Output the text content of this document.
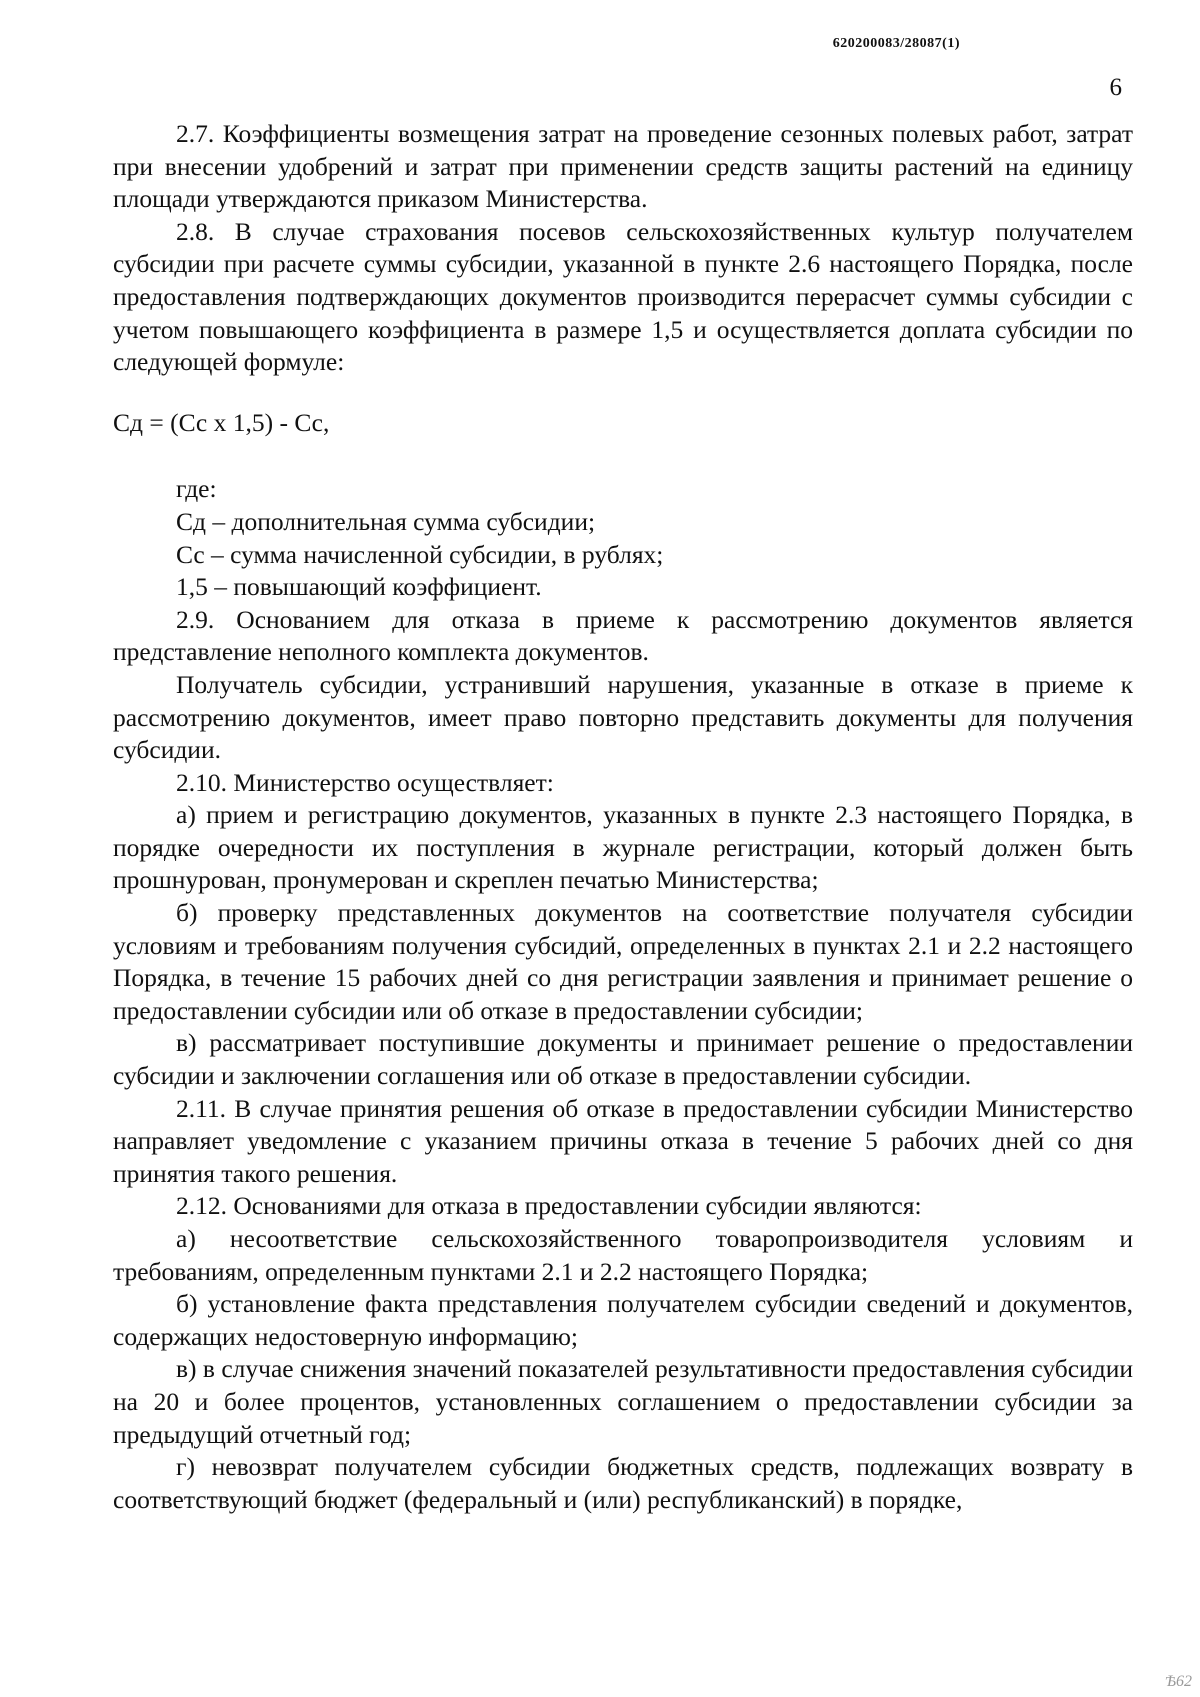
620200083/28087(1)
6

2.7. Коэффициенты возмещения затрат на проведение сезонных полевых работ, затрат при внесении удобрений и затрат при применении средств защиты растений на единицу площади утверждаются приказом Министерства.

2.8. В случае страхования посевов сельскохозяйственных культур получателем субсидии при расчете суммы субсидии, указанной в пункте 2.6 настоящего Порядка, после предоставления подтверждающих документов производится перерасчет суммы субсидии с учетом повышающего коэффициента в размере 1,5 и осуществляется доплата субсидии по следующей формуле:

Сд = (Сс х 1,5) - Сс,

где:

Сд – дополнительная сумма субсидии;

Сс – сумма начисленной субсидии, в рублях;

1,5 – повышающий коэффициент.

2.9. Основанием для отказа в приеме к рассмотрению документов является представление неполного комплекта документов.

Получатель субсидии, устранивший нарушения, указанные в отказе в приеме к рассмотрению документов, имеет право повторно представить документы для получения субсидии.

2.10. Министерство осуществляет:

а) прием и регистрацию документов, указанных в пункте 2.3 настоящего Порядка, в порядке очередности их поступления в журнале регистрации, который должен быть прошнурован, пронумерован и скреплен печатью Министерства;

б) проверку представленных документов на соответствие получателя субсидии условиям и требованиям получения субсидий, определенных в пунктах 2.1 и 2.2 настоящего Порядка, в течение 15 рабочих дней со дня регистрации заявления и принимает решение о предоставлении субсидии или об отказе в предоставлении субсидии;

в) рассматривает поступившие документы и принимает решение о предоставлении субсидии и заключении соглашения или об отказе в предоставлении субсидии.

2.11. В случае принятия решения об отказе в предоставлении субсидии Министерство направляет уведомление с указанием причины отказа в течение 5 рабочих дней со дня принятия такого решения.

2.12. Основаниями для отказа в предоставлении субсидии являются:

а) несоответствие сельскохозяйственного товаропроизводителя условиям и требованиям, определенным пунктами 2.1 и 2.2 настоящего Порядка;

б) установление факта представления получателем субсидии сведений и документов, содержащих недостоверную информацию;

в) в случае снижения значений показателей результативности предоставления субсидии на 20 и более процентов, установленных соглашением о предоставлении субсидии за предыдущий отчетный год;

г) невозврат получателем субсидии бюджетных средств, подлежащих возврату в соответствующий бюджет (федеральный и (или) республиканский) в порядке,

Ѣ62
